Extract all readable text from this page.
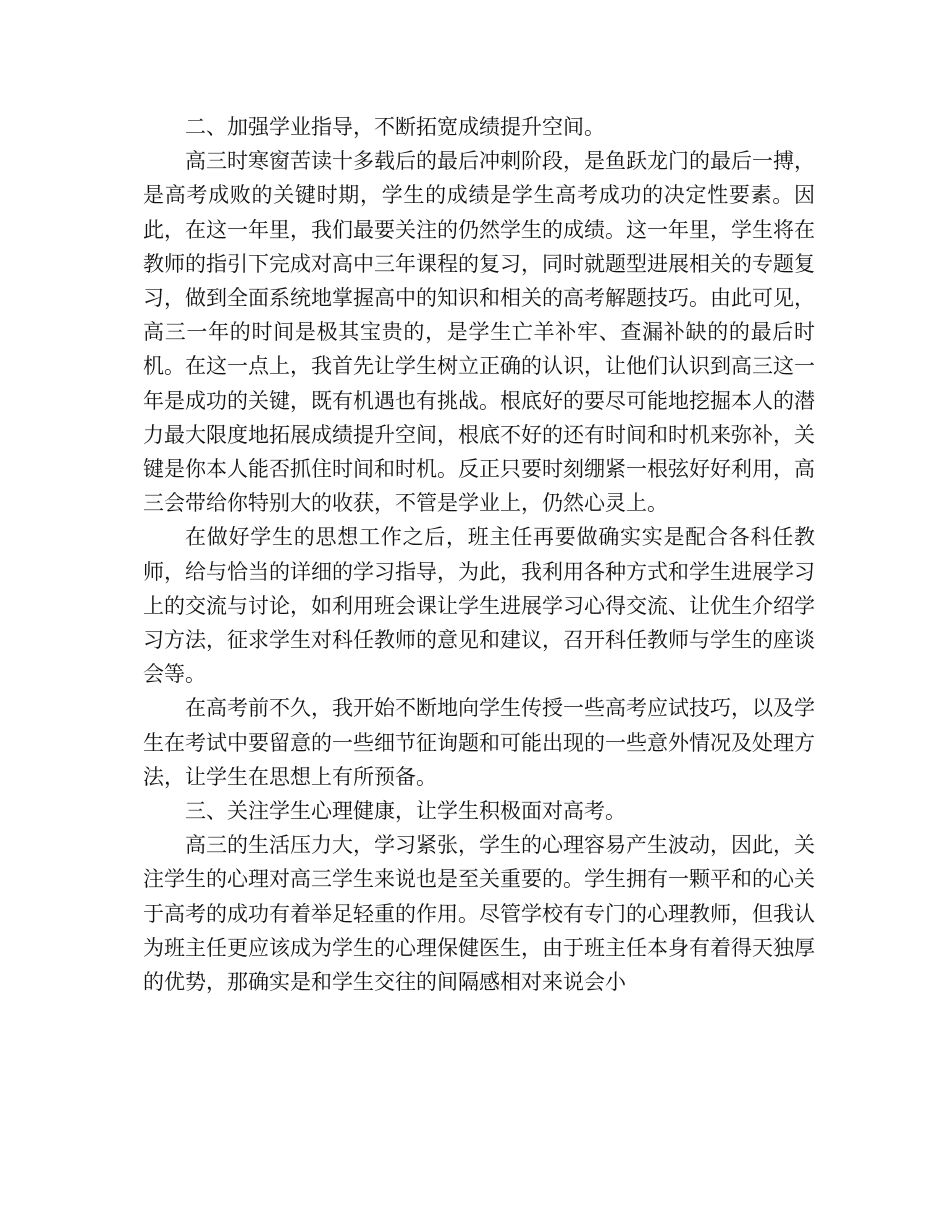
二、加强学业指导，不断拓宽成绩提升空间。

高三时寒窗苦读十多载后的最后冲刺阶段，是鱼跃龙门的最后一搏，是高考成败的关键时期，学生的成绩是学生高考成功的决定性要素。因此，在这一年里，我们最要关注的仍然学生的成绩。这一年里，学生将在教师的指引下完成对高中三年课程的复习，同时就题型进展相关的专题复习，做到全面系统地掌握高中的知识和相关的高考解题技巧。由此可见，高三一年的时间是极其宝贵的，是学生亡羊补牢、查漏补缺的的最后时机。在这一点上，我首先让学生树立正确的认识，让他们认识到高三这一年是成功的关键，既有机遇也有挑战。根底好的要尽可能地挖掘本人的潜力最大限度地拓展成绩提升空间，根底不好的还有时间和时机来弥补，关键是你本人能否抓住时间和时机。反正只要时刻绷紧一根弦好好利用，高三会带给你特别大的收获，不管是学业上，仍然心灵上。

在做好学生的思想工作之后，班主任再要做确实实是配合各科任教师，给与恰当的详细的学习指导，为此，我利用各种方式和学生进展学习上的交流与讨论，如利用班会课让学生进展学习心得交流、让优生介绍学习方法，征求学生对科任教师的意见和建议，召开科任教师与学生的座谈会等。

在高考前不久，我开始不断地向学生传授一些高考应试技巧，以及学生在考试中要留意的一些细节征询题和可能出现的一些意外情况及处理方法，让学生在思想上有所预备。

三、关注学生心理健康，让学生积极面对高考。

高三的生活压力大，学习紧张，学生的心理容易产生波动，因此，关注学生的心理对高三学生来说也是至关重要的。学生拥有一颗平和的心关于高考的成功有着举足轻重的作用。尽管学校有专门的心理教师，但我认为班主任更应该成为学生的心理保健医生，由于班主任本身有着得天独厚的优势，那确实是和学生交往的间隔感相对来说会小
